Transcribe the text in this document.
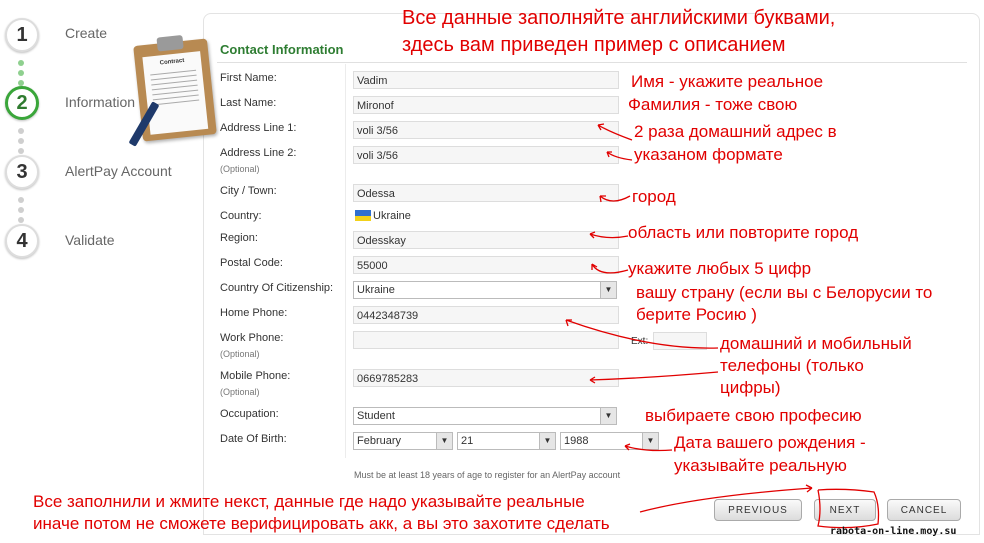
1	Create
2	Information
3	AlertPay Account
4	Validate
Contract
Contact Information
First Name:	Vadim
Last Name:	Mironof
Address Line 1:	voli 3/56
Address Line 2:
(Optional)
voli 3/56
City / Town:	Odessa
Country:	Ukraine
Region:	Odesskay
Postal Code:	55000
Country Of Citizenship:	Ukraine	▼
Home Phone:	0442348739
Work Phone:
(Optional)
Ext:
Mobile Phone:
(Optional)
0669785283
Occupation:	Student	▼
Date Of Birth:	February	▼	21	▼	1988	▼
Must be at least 18 years of age to register for an AlertPay account
PREVIOUS	NEXT	CANCEL
Все данные заполняйте английскими буквами,
здесь вам приведен пример с описанием
Имя - укажите реальное
Фамилия - тоже свою
2 раза домашний адрес в
указаном формате
город
область или повторите город
укажите любых 5 цифр
вашу страну (если вы с Белорусии то
берите Росию )
домашний и мобильный
телефоны (только
цифры)
выбираете свою професию
Дата вашего рождения -
указывайте реальную
Все заполнили и жмите некст, данные где надо указывайте реальные
иначе потом не сможете верифицировать акк, а вы это захотите сделать	rabota-on-line.moy.su
